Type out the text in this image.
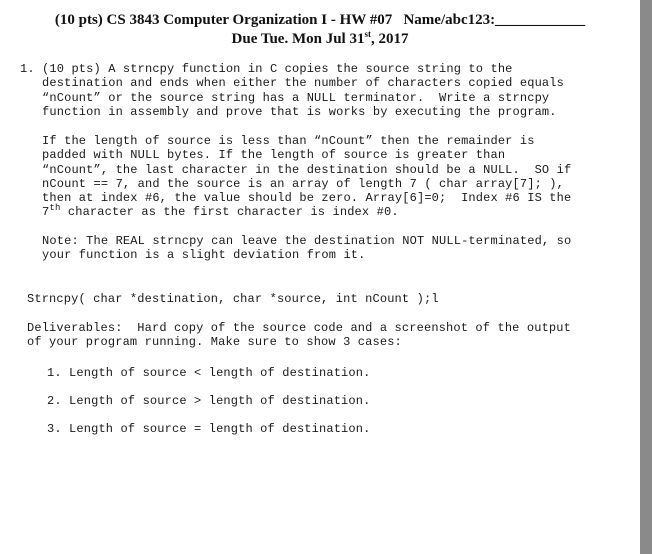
(10 pts) CS 3843 Computer Organization I - HW #07   Name/abc123:____________
Due Tue. Mon Jul 31st, 2017
1. (10 pts) A strncpy function in C copies the source string to the
destination and ends when either the number of characters copied equals
“nCount” or the source string has a NULL terminator.  Write a strncpy
function in assembly and prove that is works by executing the program.
If the length of source is less than “nCount” then the remainder is
padded with NULL bytes. If the length of source is greater than
“nCount”, the last character in the destination should be a NULL.  SO if
nCount == 7, and the source is an array of length 7 ( char array[7]; ),
then at index #6, the value should be zero. Array[6]=0;  Index #6 IS the
7th character as the first character is index #0.
Note: The REAL strncpy can leave the destination NOT NULL-terminated, so
your function is a slight deviation from it.
Strncpy( char *destination, char *source, int nCount );l
Deliverables:  Hard copy of the source code and a screenshot of the output
of your program running. Make sure to show 3 cases:
1. Length of source < length of destination.
2. Length of source > length of destination.
3. Length of source = length of destination.
